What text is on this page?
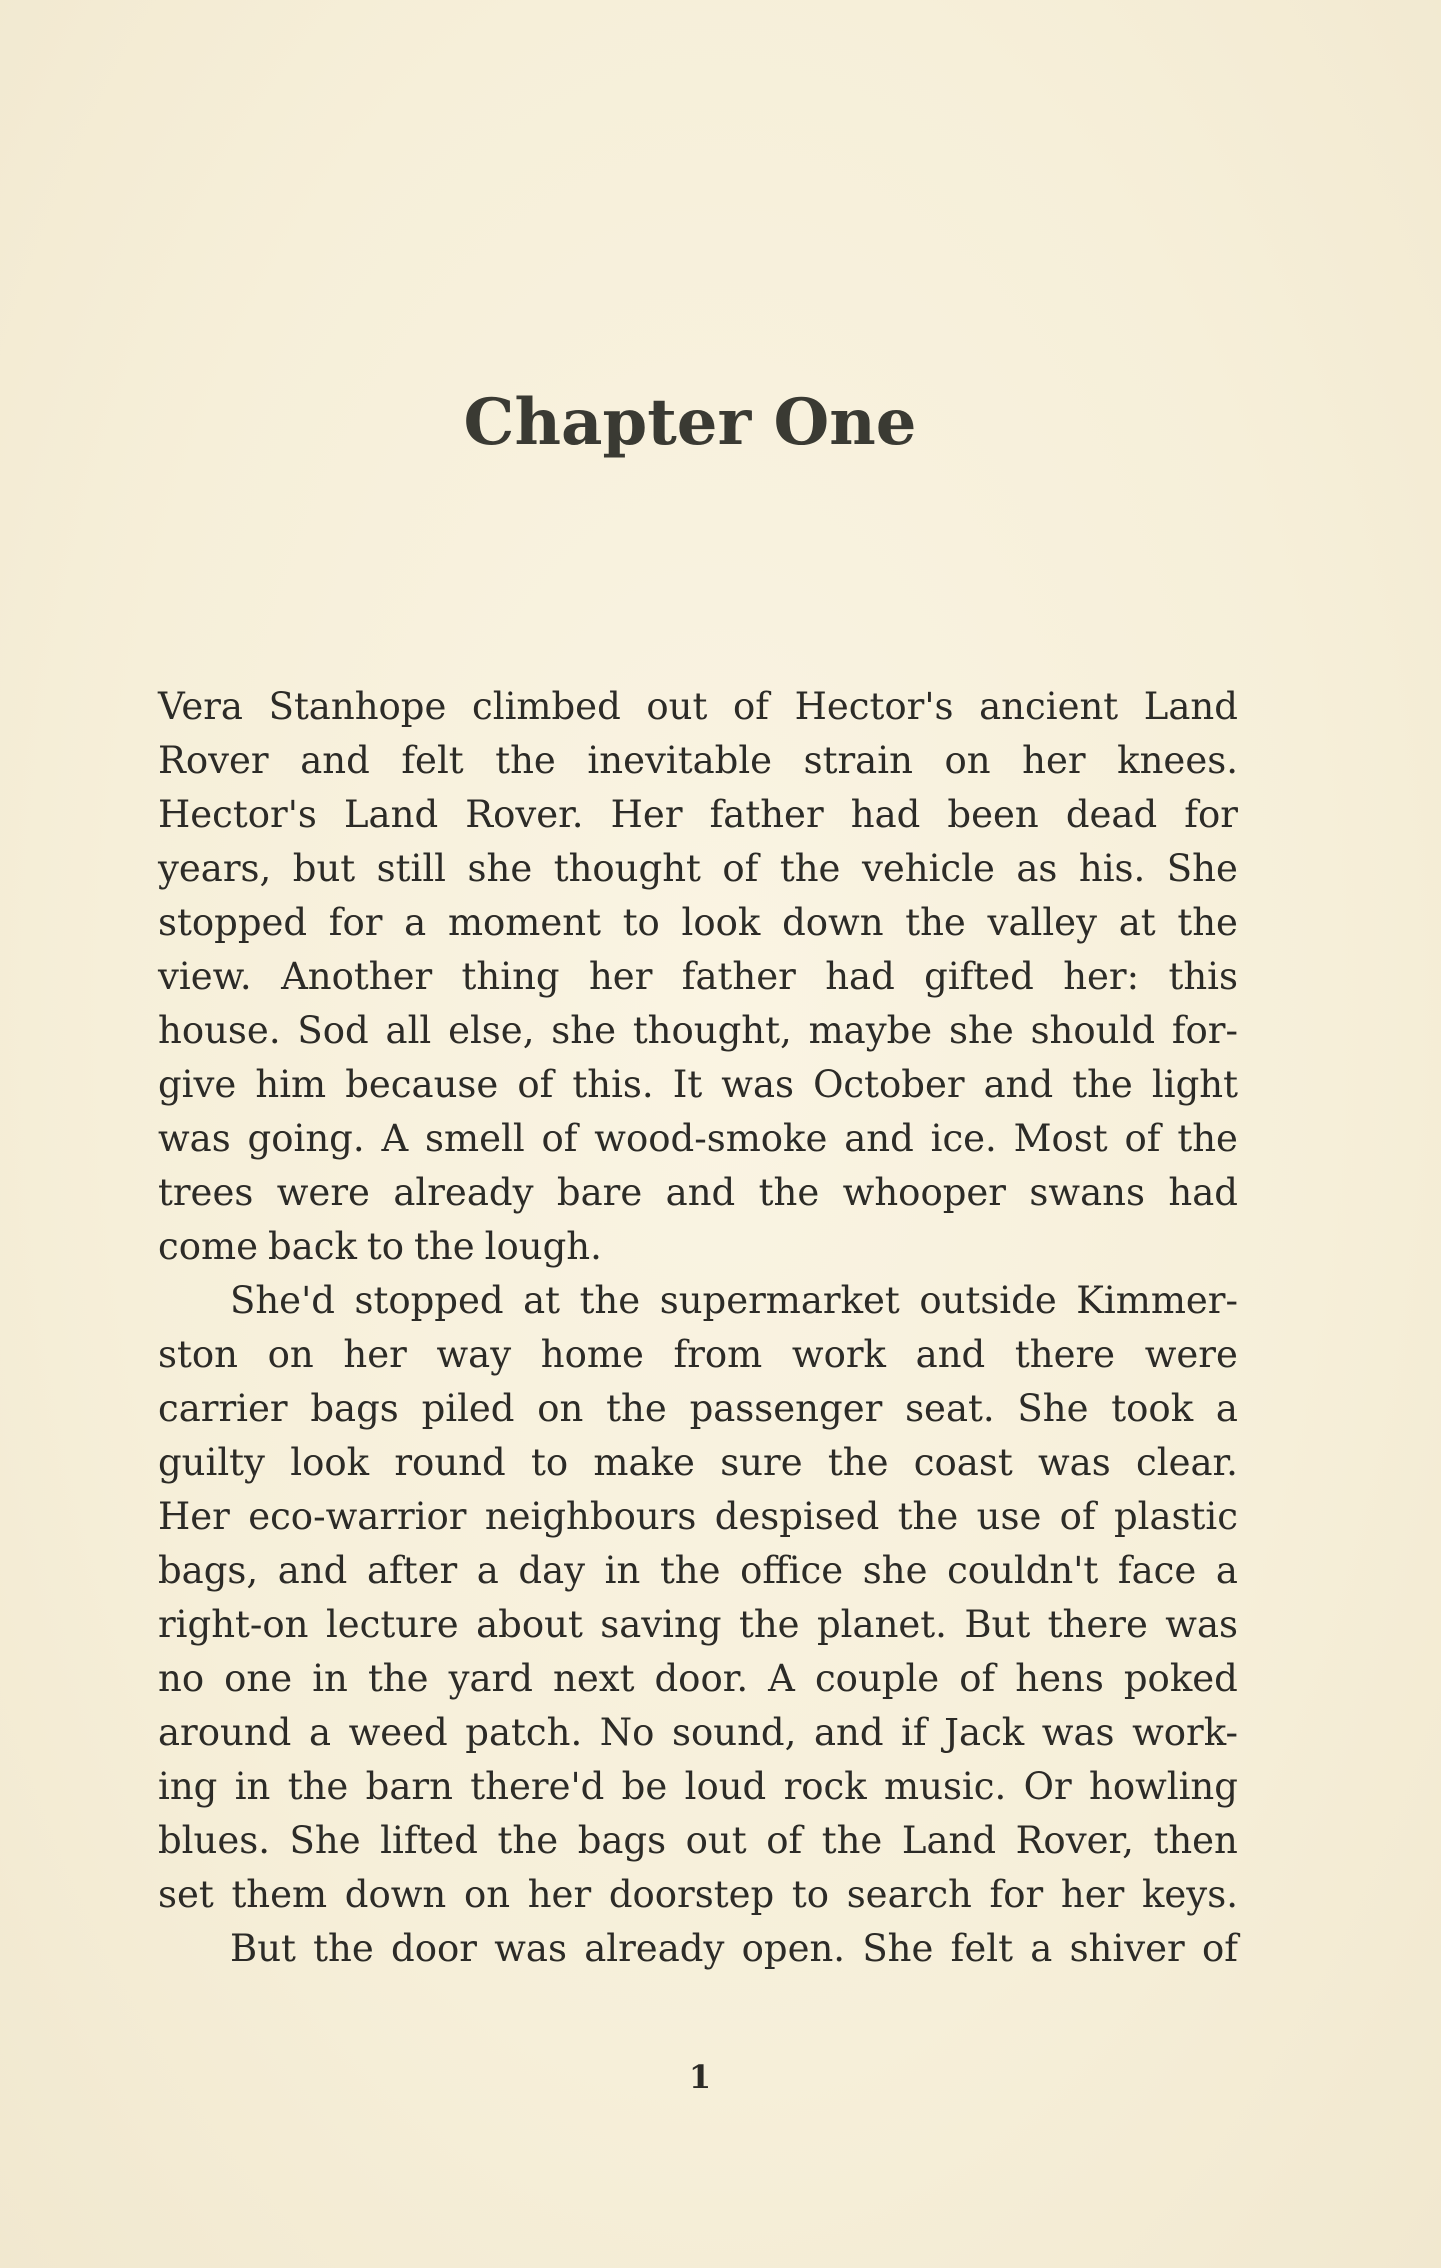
Chapter One
Vera Stanhope climbed out of Hector's ancient Land
Rover and felt the inevitable strain on her knees.
Hector's Land Rover. Her father had been dead for
years, but still she thought of the vehicle as his. She
stopped for a moment to look down the valley at the
view. Another thing her father had gifted her: this
house. Sod all else, she thought, maybe she should for-
give him because of this. It was October and the light
was going. A smell of wood-smoke and ice. Most of the
trees were already bare and the whooper swans had
come back to the lough.
She'd stopped at the supermarket outside Kimmer-
ston on her way home from work and there were
carrier bags piled on the passenger seat. She took a
guilty look round to make sure the coast was clear.
Her eco-warrior neighbours despised the use of plastic
bags, and after a day in the office she couldn't face a
right-on lecture about saving the planet. But there was
no one in the yard next door. A couple of hens poked
around a weed patch. No sound, and if Jack was work-
ing in the barn there'd be loud rock music. Or howling
blues. She lifted the bags out of the Land Rover, then
set them down on her doorstep to search for her keys.
But the door was already open. She felt a shiver of
1
